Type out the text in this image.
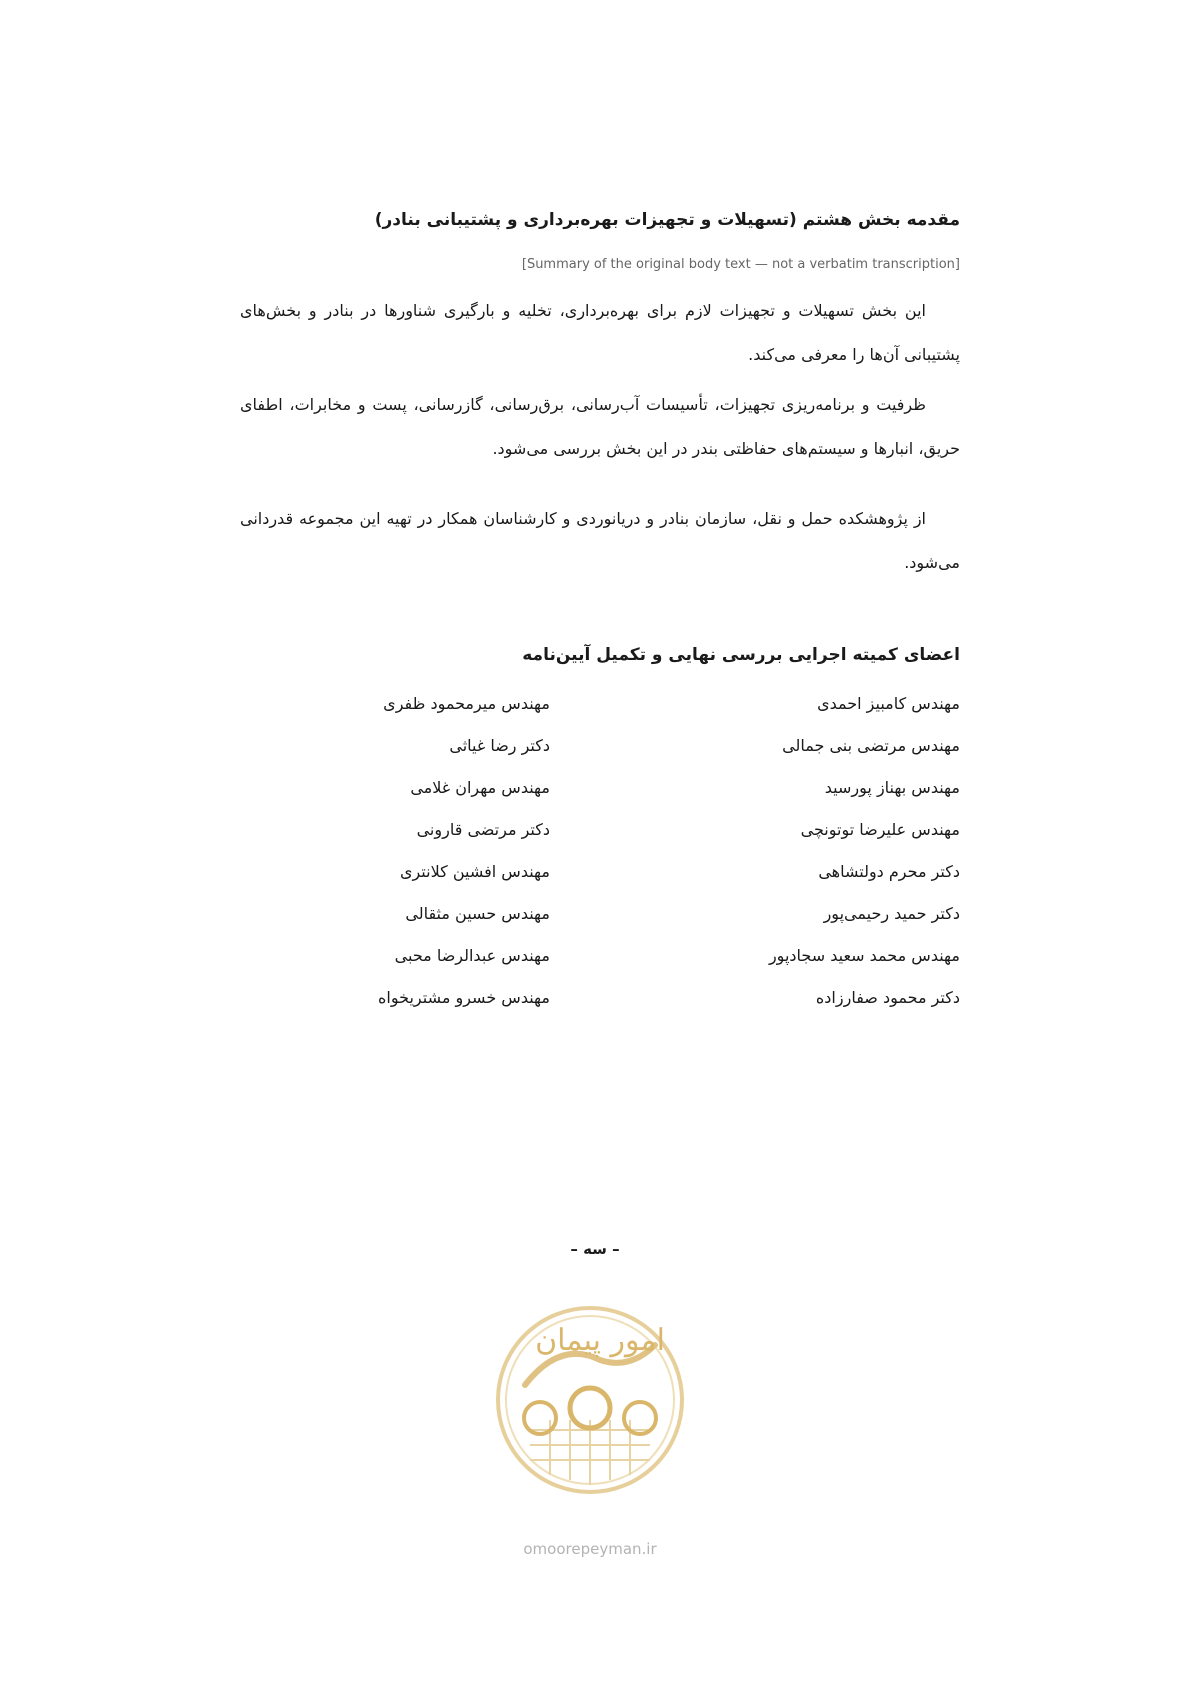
مقدمه بخش هشتم (تسهیلات و تجهیزات بهره‌برداری و پشتیبانی بنادر)
[Summary of the original body text — not a verbatim transcription]

این بخش تسهیلات و تجهیزات لازم برای بهره‌برداری، تخلیه و بارگیری شناورها در بنادر و بخش‌های پشتیبانی آن‌ها را معرفی می‌کند.

ظرفیت و برنامه‌ریزی تجهیزات، تأسیسات آب‌رسانی، برق‌رسانی، گازرسانی، پست و مخابرات، اطفای حریق، انبارها و سیستم‌های حفاظتی بندر در این بخش بررسی می‌شود.

از پژوهشکده حمل و نقل، سازمان بنادر و دریانوردی و کارشناسان همکار در تهیه این مجموعه قدردانی می‌شود.

اعضای کمیته اجرایی بررسی نهایی و تکمیل آیین‌نامه
مهندس کامبیز احمدی
مهندس مرتضی بنی جمالی
مهندس بهناز پورسید
مهندس علیرضا توتونچی
دکتر محرم دولتشاهی
دکتر حمید رحیمی‌پور
مهندس محمد سعید سجادپور
دکتر محمود صفارزاده
مهندس میرمحمود ظفری
دکتر رضا غیاثی
مهندس مهران غلامی
دکتر مرتضی قارونی
مهندس افشین کلانتری
مهندس حسین مثقالی
مهندس عبدالرضا محبی
مهندس خسرو مشتریخواه
– سه –
امور پیمان
omoorepeyman.ir
